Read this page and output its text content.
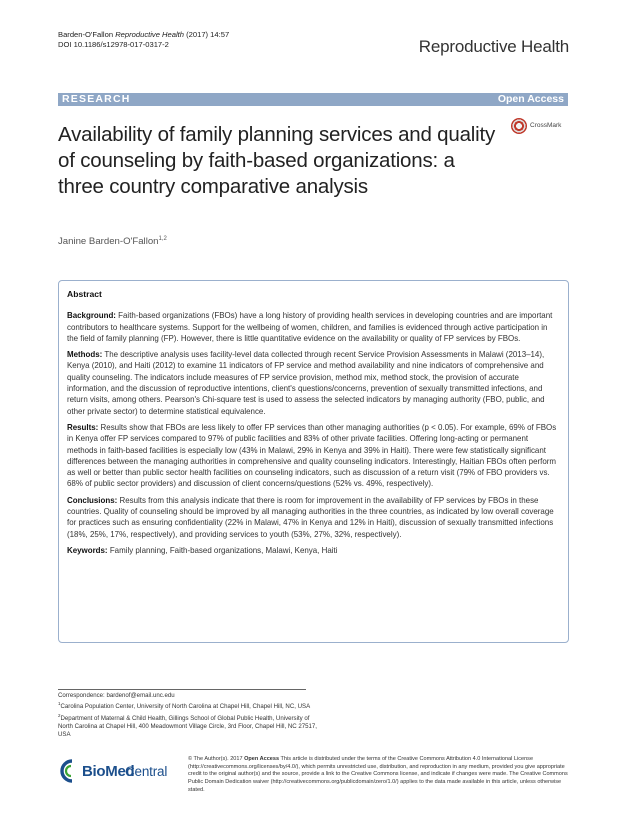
Barden-O'Fallon Reproductive Health (2017) 14:57
DOI 10.1186/s12978-017-0317-2	Reproductive Health
RESEARCH	Open Access
Availability of family planning services and quality of counseling by faith-based organizations: a three country comparative analysis
CrossMark
Janine Barden-O'Fallon$^{1,2}$
Abstract

Background: Faith-based organizations (FBOs) have a long history of providing health services in developing countries and are important contributors to healthcare systems. Support for the wellbeing of women, children, and families is evidenced through active participation in the field of family planning (FP). However, there is little quantitative evidence on the availability or quality of FP services by FBOs.

Methods: The descriptive analysis uses facility-level data collected through recent Service Provision Assessments in Malawi (2013–14), Kenya (2010), and Haiti (2012) to examine 11 indicators of FP service and method availability and nine indicators of comprehensive and quality counseling. The indicators include measures of FP service provision, method mix, method stock, the provision of accurate information, and the discussion of reproductive intentions, client's questions/concerns, prevention of sexually transmitted infections, and return visits, among others. Pearson's Chi-square test is used to assess the selected indicators by managing authority (FBO, public, and other private sector) to determine statistical equivalence.

Results: Results show that FBOs are less likely to offer FP services than other managing authorities (p < 0.05). For example, 69% of FBOs in Kenya offer FP services compared to 97% of public facilities and 83% of other private facilities. Offering long-acting or permanent methods in faith-based facilities is especially low (43% in Malawi, 29% in Kenya and 39% in Haiti). There were few statistically significant differences between the managing authorities in comprehensive and quality counseling indicators. Interestingly, Haitian FBOs often perform as well or better than public sector health facilities on counseling indicators, such as discussion of a return visit (79% of FBO providers vs. 68% of public sector providers) and discussion of client concerns/questions (52% vs. 49%, respectively).

Conclusions: Results from this analysis indicate that there is room for improvement in the availability of FP services by FBOs in these countries. Quality of counseling should be improved by all managing authorities in the three countries, as indicated by low overall coverage for practices such as ensuring confidentiality (22% in Malawi, 47% in Kenya and 12% in Haiti), discussion of sexually transmitted infections (18%, 25%, 17%, respectively), and providing services to youth (53%, 27%, 32%, respectively).

Keywords: Family planning, Faith-based organizations, Malawi, Kenya, Haiti

Correspondence: bardenof@email.unc.edu

$^1$Carolina Population Center, University of North Carolina at Chapel Hill, Chapel Hill, NC, USA

$^2$Department of Maternal & Child Health, Gillings School of Global Public Health, University of North Carolina at Chapel Hill, 400 Meadowmont Village Circle, 3rd Floor, Chapel Hill, NC 27517, USA

BioMed
Central
© The Author(s). 2017 Open Access This article is distributed under the terms of the Creative Commons Attribution 4.0 International License (http://creativecommons.org/licenses/by/4.0/), which permits unrestricted use, distribution, and reproduction in any medium, provided you give appropriate credit to the original author(s) and the source, provide a link to the Creative Commons license, and indicate if changes were made. The Creative Commons Public Domain Dedication waiver (http://creativecommons.org/publicdomain/zero/1.0/) applies to the data made available in this article, unless otherwise stated.
